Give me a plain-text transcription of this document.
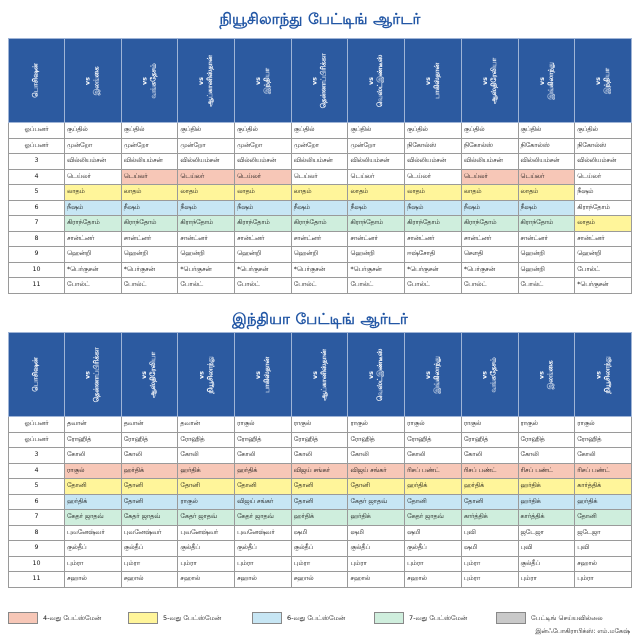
நியூசிலாந்து பேட்டிங் ஆர்டர்
பொசிஷன்	vs இலங்கை	vs வங்கதேசம்	vs ஆப்கானிஸ்தான்	vs இந்தியா	vs தென்னாப்பிரிக்கா	vs வெஸ்ட்இண்டீஸ்	vs பாகிஸ்தான்	vs ஆஸ்திரேலியா	vs இங்கிலாந்து	vs இந்தியா
ஓப்பனர்	குப்தில்	குப்தில்	குப்தில்	குப்தில்	குப்தில்	குப்தில்	குப்தில்	குப்தில்	குப்தில்	குப்தில்
ஓப்பனர்	முன்றோ	முன்றோ	முன்றோ	முன்றோ	முன்றோ	முன்றோ	நிகோல்ஸ்	நிகோல்ஸ்	நிகோல்ஸ்	நிகோல்ஸ்
3	வில்லியம்சன்	வில்லியம்சன்	வில்லியம்சன்	வில்லியம்சன்	வில்லியம்சன்	வில்லியம்சன்	வில்லியம்சன்	வில்லியம்சன்	வில்லியம்சன்	வில்லியம்சன்
4	டெய்லர்	டெய்லர்	டெய்லர்	டெய்லர்	டெய்லர்	டெய்லர்	டெய்லர்	டெய்லர்	டெய்லர்	டெய்லர்
5	லாதம்	லாதம்	லாதம்	லாதம்	லாதம்	லாதம்	லாதம்	லாதம்	லாதம்	நீஷம்
6	நீஷம்	நீஷம்	நீஷம்	நீஷம்	நீஷம்	நீஷம்	நீஷம்	நீஷம்	நீஷம்	கிராந்தோம்
7	கிராந்தோம்	கிராந்தோம்	கிராந்தோம்	கிராந்தோம்	கிராந்தோம்	கிராந்தோம்	கிராந்தோம்	கிராந்தோம்	கிராந்தோம்	லாதம்
8	சான்ட்னர்	சான்ட்னர்	சான்ட்னர்	சான்ட்னர்	சான்ட்னர்	சான்ட்னர்	சான்ட்னர்	சான்ட்னர்	சான்ட்னர்	சான்ட்னர்
9	ஹென்றி	ஹென்றி	ஹென்றி	ஹென்றி	ஹென்றி	ஹென்றி	ஈஷ்சோதி	சௌதி	ஹென்றி	ஹென்றி
10	*பெர்குசன்	*பெர்குசன்	*பெர்குசன்	*பெர்குசன்	*பெர்குசன்	*பெர்குசன்	*பெர்குசன்	*பெர்குசன்	ஹென்றி	போல்ட்
11	போல்ட்	போல்ட்	போல்ட்	போல்ட்	போல்ட்	போல்ட்	போல்ட்	போல்ட்	போல்ட்	*பெர்குசன்
இந்தியா பேட்டிங் ஆர்டர்
பொசிஷன்	vs தென்னாப்பிரிக்கா	vs ஆஸ்திரேலியா	vs நியூசிலாந்து	vs பாகிஸ்தான்	vs ஆப்கானிஸ்தான்	vs வெஸ்ட்இண்டீஸ்	vs இங்கிலாந்து	vs வங்கதேசம்	vs இலங்கை	vs நியூசிலாந்து
ஓப்பனர்	தவான்	தவான்	தவான்	ராகுல்	ராகுல்	ராகுல்	ராகுல்	ராகுல்	ராகுல்	ராகுல்
ஓப்பனர்	ரோஹித்	ரோஹித்	ரோஹித்	ரோஹித்	ரோஹித்	ரோஹித்	ரோஹித்	ரோஹித்	ரோஹித்	ரோஹித்
3	கோலி	கோலி	கோலி	கோலி	கோலி	கோலி	கோலி	கோலி	கோலி	கோலி
4	ராகுல்	ஹர்திக்	ஹர்திக்	ஹர்திக்	விஜய் சங்கர்	விஜய் சங்கர்	ரிசப் பண்ட்	ரிசப் பண்ட்	ரிசப் பண்ட்	ரிசப் பண்ட்
5	தோனி	தோனி	தோனி	தோனி	தோனி	தோனி	ஹர்திக்	ஹர்திக்	ஹர்திக்	கார்த்திக்
6	ஹர்திக்	தோனி	ராகுல்	விஜய் சங்கர்	தோனி	கேதர் ஜாதவ்	தோனி	தோனி	ஹர்திக்	ஹர்திக்
7	கேதர் ஜாதவ்	கேதர் ஜாதவ்	கேதர் ஜாதவ்	கேதர் ஜாதவ்	ஹர்திக்	ஹர்திக்	கேதர் ஜாதவ்	கார்த்திக்	கார்த்திக்	தோனி
8	புவனேஷ்வர்	புவனேஷ்வர்	புவனேஷ்வர்	புவனேஷ்வர்	ஷமி	ஷமி	ஷமி	புவி	ஜடேஜா	ஜடேஜா
9	குல்தீப்	குல்தீப்	குல்தீப்	குல்தீப்	குல்தீப்	குல்தீப்	குல்தீப்	ஷமி	புவி	புவி
10	பும்ரா	பும்ரா	பும்ரா	பும்ரா	பும்ரா	பும்ரா	பும்ரா	பும்ரா	குல்தீப்	சஹால்
11	சஹால்	சஹால்	சஹால்	சஹால்	சஹால்	சஹால்	சஹால்	பும்ரா	பும்ரா	பும்ரா
4-வது பேட்ஸ்மேன்	5-வது பேட்ஸ்மேன்	6-வது பேட்ஸ்மேன்	7-வது பேட்ஸ்மேன்	பேட்டிங் செய்யவில்லை
இன்ஃபோகிராபிக்ஸ்: எம்.மகேஷ்
